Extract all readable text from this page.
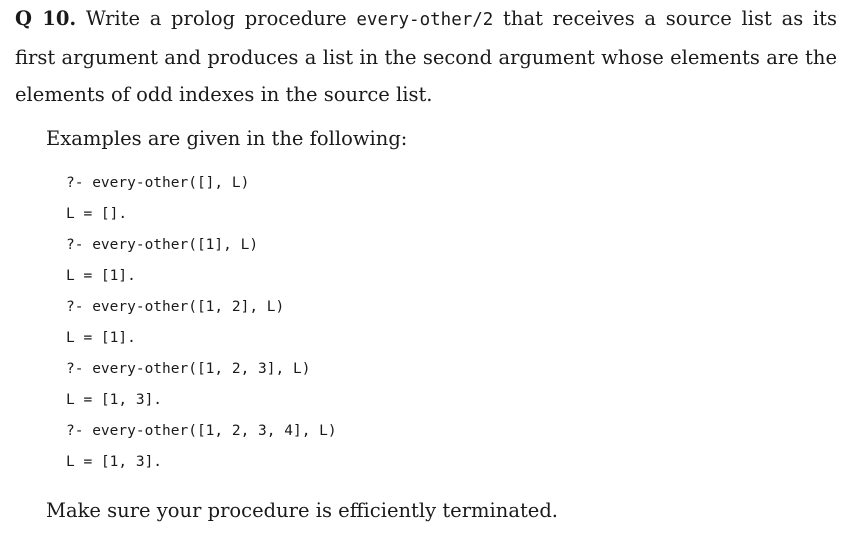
Q 10. Write a prolog procedure every-other/2 that receives a source list as its first argument and produces a list in the second argument whose elements are the elements of odd indexes in the source list.
Examples are given in the following:
?- every-other([], L)
L = [].
?- every-other([1], L)
L = [1].
?- every-other([1, 2], L)
L = [1].
?- every-other([1, 2, 3], L)
L = [1, 3].
?- every-other([1, 2, 3, 4], L)
L = [1, 3].
Make sure your procedure is efficiently terminated.
